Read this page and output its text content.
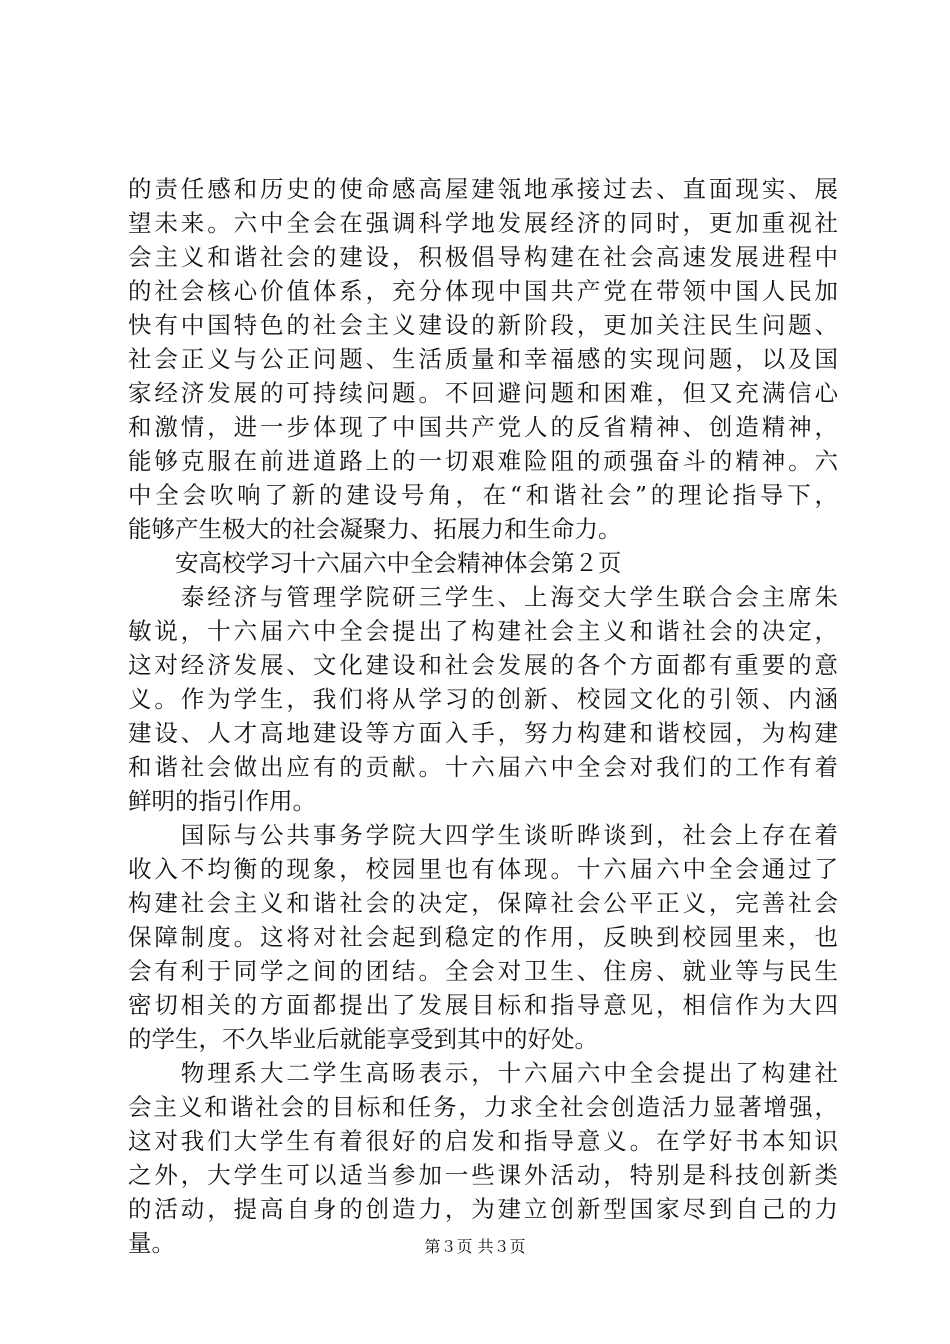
的责任感和历史的使命感高屋建瓴地承接过去、直面现实、展
望未来。六中全会在强调科学地发展经济的同时，更加重视社
会主义和谐社会的建设，积极倡导构建在社会高速发展进程中
的社会核心价值体系，充分体现中国共产党在带领中国人民加
快有中国特色的社会主义建设的新阶段，更加关注民生问题、
社会正义与公正问题、生活质量和幸福感的实现问题，以及国
家经济发展的可持续问题。不回避问题和困难，但又充满信心
和激情，进一步体现了中国共产党人的反省精神、创造精神，
能够克服在前进道路上的一切艰难险阻的顽强奋斗的精神。六
中全会吹响了新的建设号角，在“和谐社会”的理论指导下，
能够产生极大的社会凝聚力、拓展力和生命力。
　　安高校学习十六届六中全会精神体会第２页
　　泰经济与管理学院研三学生、上海交大学生联合会主席朱
敏说，十六届六中全会提出了构建社会主义和谐社会的决定，
这对经济发展、文化建设和社会发展的各个方面都有重要的意
义。作为学生，我们将从学习的创新、校园文化的引领、内涵
建设、人才高地建设等方面入手，努力构建和谐校园，为构建
和谐社会做出应有的贡献。十六届六中全会对我们的工作有着
鲜明的指引作用。
　　国际与公共事务学院大四学生谈昕晔谈到，社会上存在着
收入不均衡的现象，校园里也有体现。十六届六中全会通过了
构建社会主义和谐社会的决定，保障社会公平正义，完善社会
保障制度。这将对社会起到稳定的作用，反映到校园里来，也
会有利于同学之间的团结。全会对卫生、住房、就业等与民生
密切相关的方面都提出了发展目标和指导意见，相信作为大四
的学生，不久毕业后就能享受到其中的好处。
　　物理系大二学生高旸表示，十六届六中全会提出了构建社
会主义和谐社会的目标和任务，力求全社会创造活力显著增强，
这对我们大学生有着很好的启发和指导意义。在学好书本知识
之外，大学生可以适当参加一些课外活动，特别是科技创新类
的活动，提高自身的创造力，为建立创新型国家尽到自己的力
量。	第３页 共３页
